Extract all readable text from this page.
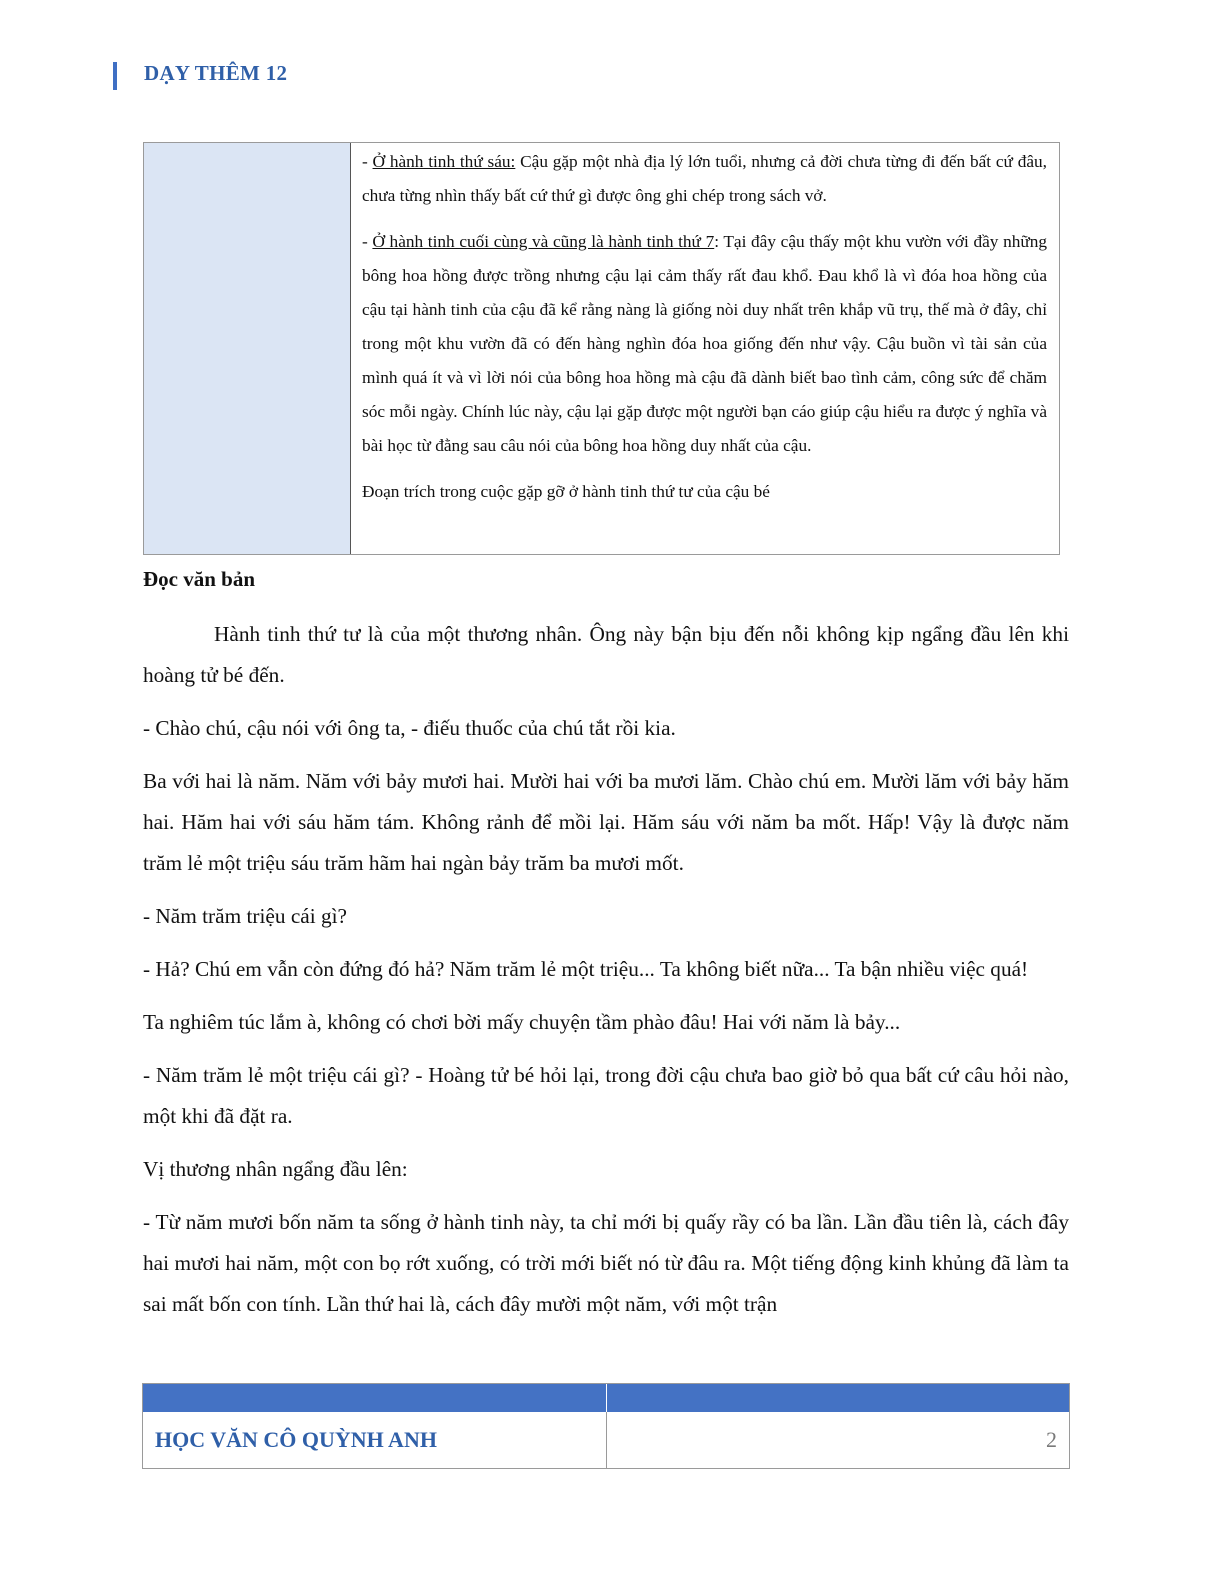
DẠY THÊM 12

- Ở hành tinh thứ sáu: Cậu gặp một nhà địa lý lớn tuổi, nhưng cả đời chưa từng đi đến bất cứ đâu, chưa từng nhìn thấy bất cứ thứ gì được ông ghi chép trong sách vở.

- Ở hành tinh cuối cùng và cũng là hành tinh thứ 7: Tại đây cậu thấy một khu vườn với đầy những bông hoa hồng được trồng nhưng cậu lại cảm thấy rất đau khổ. Đau khổ là vì đóa hoa hồng của cậu tại hành tinh của cậu đã kể rằng nàng là giống nòi duy nhất trên khắp vũ trụ, thế mà ở đây, chỉ trong một khu vườn đã có đến hàng nghìn đóa hoa giống đến như vậy. Cậu buồn vì tài sản của mình quá ít và vì lời nói của bông hoa hồng mà cậu đã dành biết bao tình cảm, công sức để chăm sóc mỗi ngày. Chính lúc này, cậu lại gặp được một người bạn cáo giúp cậu hiểu ra được ý nghĩa và bài học từ đằng sau câu nói của bông hoa hồng duy nhất của cậu.

Đoạn trích trong cuộc gặp gỡ ở hành tinh thứ tư của cậu bé

Đọc văn bản

Hành tinh thứ tư là của một thương nhân. Ông này bận bịu đến nỗi không kịp ngẩng đầu lên khi hoàng tử bé đến.

- Chào chú, cậu nói với ông ta, - điếu thuốc của chú tắt rồi kia.

Ba với hai là năm. Năm với bảy mươi hai. Mười hai với ba mươi lăm. Chào chú em. Mười lăm với bảy hăm hai. Hăm hai với sáu hăm tám. Không rảnh để mồi lại. Hăm sáu với năm ba mốt. Hấp! Vậy là được năm trăm lẻ một triệu sáu trăm hãm hai ngàn bảy trăm ba mươi mốt.

- Năm trăm triệu cái gì?

- Hả? Chú em vẫn còn đứng đó hả? Năm trăm lẻ một triệu... Ta không biết nữa... Ta bận nhiều việc quá!

Ta nghiêm túc lắm à, không có chơi bời mấy chuyện tầm phào đâu! Hai với năm là bảy...

- Năm trăm lẻ một triệu cái gì? - Hoàng tử bé hỏi lại, trong đời cậu chưa bao giờ bỏ qua bất cứ câu hỏi nào, một khi đã đặt ra.

Vị thương nhân ngẩng đầu lên:

- Từ năm mươi bốn năm ta sống ở hành tinh này, ta chỉ mới bị quấy rầy có ba lần. Lần đầu tiên là, cách đây hai mươi hai năm, một con bọ rớt xuống, có trời mới biết nó từ đâu ra. Một tiếng động kinh khủng đã làm ta sai mất bốn con tính. Lần thứ hai là, cách đây mười một năm, với một trận

HỌC VĂN CÔ QUỲNH ANH	2
